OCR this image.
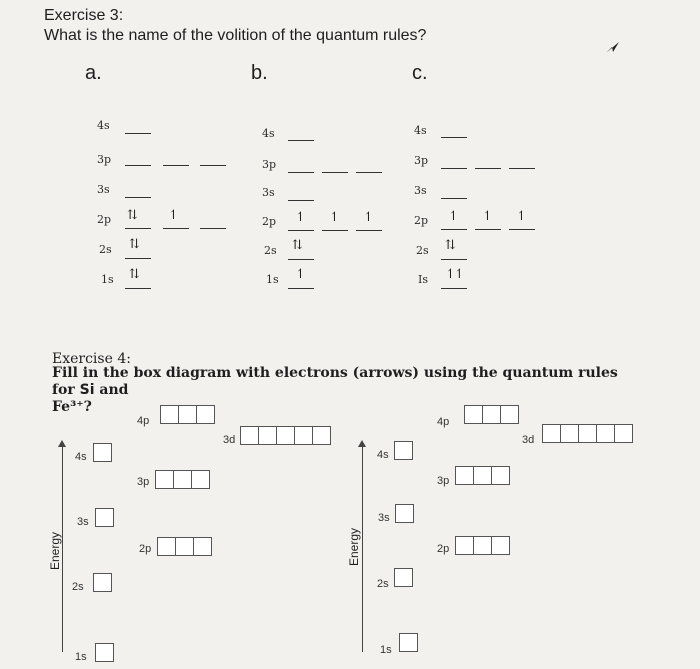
Exercise 3:
What is the name of the volition of the quantum rules?
a.	b.	c.
4s
3p
3s
2p ⇅ ↿
2s ⇅
1s ⇅
4s
3p
3s
2p ↿ ↿ ↿
2s ⇅
1s ↿
4s
3p
3s
2p ↿ ↿ ↿
2s ⇅
Is ↿↿
Exercise 4:
Fill in the box diagram with electrons (arrows) using the quantum rules for Si and
Fe³⁺?
Energy
1s
2s
3s
4s
2p
3p
4p
3d
Energy
1s
2s
3s
4s
2p
3p
4p
3d
